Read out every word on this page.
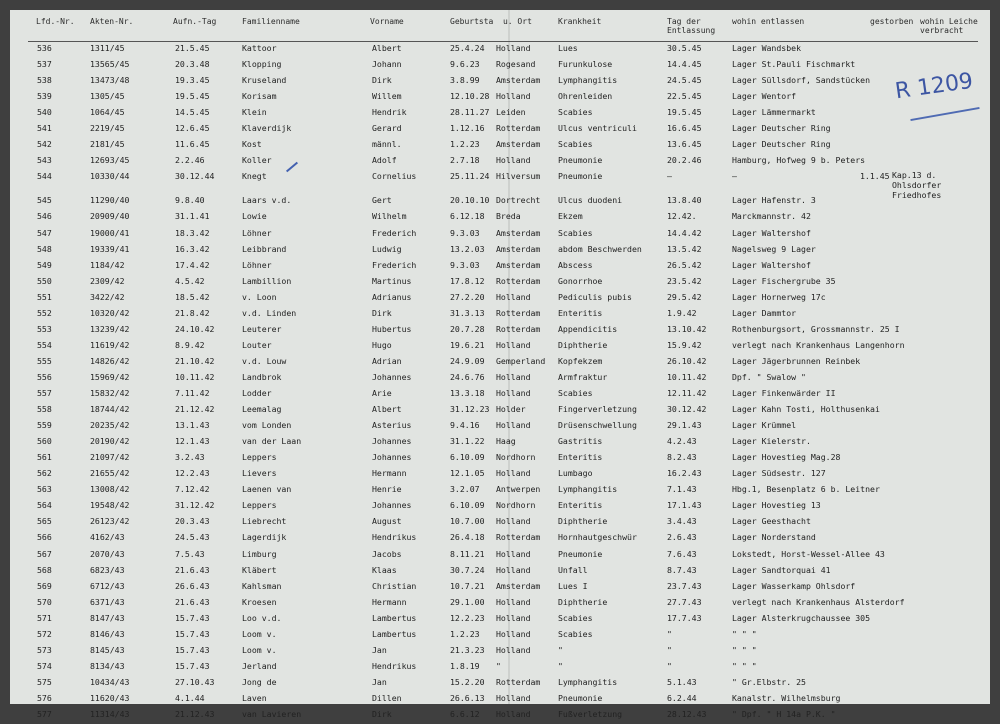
Lfd.-Nr. Akten-Nr.	Aufn.-Tag	Familienname	Vorname	Geburtsta  u. Ort	Krankheit	Tag der
Entlassung
wohin entlassen	gestorben wohin Leiche
verbracht
536	1311/45	21.5.45	Kattoor	Albert	25.4.24 Holland	Lues	30.5.45	Lager Wandsbek
537	13565/45	20.3.48	Klopping	Johann	9.6.23 Rogesand	Furunkulose	14.4.45	Lager St.Pauli Fischmarkt
538	13473/48	19.3.45	Kruseland	Dirk	3.8.99 Amsterdam Lymphangitis	24.5.45	Lager Süllsdorf, Sandstücken
539	1305/45	19.5.45	Korisam	Willem	12.10.28 Holland	Ohrenleiden	22.5.45	Lager Wentorf
540	1064/45	14.5.45	Klein	Hendrik	28.11.27 Leiden	Scabies	19.5.45	Lager Lämmermarkt
541	2219/45	12.6.45	Klaverdijk	Gerard	1.12.16 Rotterdam Ulcus ventriculi	16.6.45	Lager Deutscher Ring
542	2181/45	11.6.45	Kost	männl.	1.2.23 Amsterdam Scabies	13.6.45	Lager Deutscher Ring
543	12693/45	2.2.46	Koller	Adolf	2.7.18 Holland	Pneumonie	20.2.46	Hamburg, Hofweg 9 b. Peters
544	10330/44	30.12.44	Knegt	Cornelius	25.11.24 Hilversum Pneumonie	—	—	1.1.45 Kap.13 d. Ohlsdorfer Friedhofes
545	11290/40	9.8.40	Laars v.d.	Gert	20.10.10 Dortrecht Ulcus duodeni	13.8.40	Lager Hafenstr. 3
546	20909/40	31.1.41	Lowie	Wilhelm	6.12.18 Breda	Ekzem	12.42.	Marckmannstr. 42
547	19000/41	18.3.42	Löhner	Frederich	9.3.03 Amsterdam Scabies	14.4.42	Lager Waltershof
548	19339/41	16.3.42	Leibbrand	Ludwig	13.2.03 Amsterdam abdom Beschwerden	13.5.42	Nagelsweg 9 Lager
549	1184/42	17.4.42	Löhner	Frederich	9.3.03 Amsterdam Abscess	26.5.42	Lager Waltershof
550	2309/42	4.5.42	Lambillion	Martinus	17.8.12 Rotterdam Gonorrhoe	23.5.42	Lager Fischergrube 35
551	3422/42	18.5.42	v. Loon	Adrianus	27.2.20 Holland	Pediculis pubis	29.5.42	Lager Hornerweg 17c
552	10320/42	21.8.42	v.d. Linden	Dirk	31.3.13 Rotterdam Enteritis	1.9.42	Lager Dammtor
553	13239/42	24.10.42	Leuterer	Hubertus	20.7.28 Rotterdam Appendicitis	13.10.42	Rothenburgsort, Grossmannstr. 25 I
554	11619/42	8.9.42	Louter	Hugo	19.6.21 Holland	Diphtherie	15.9.42	verlegt nach Krankenhaus Langenhorn
555	14826/42	21.10.42	v.d. Louw	Adrian	24.9.09 Gemperland Kopfekzem	26.10.42	Lager Jägerbrunnen Reinbek
556	15969/42	10.11.42	Landbrok	Johannes	24.6.76 Holland	Armfraktur	10.11.42	Dpf. " Swalow "
557	15832/42	7.11.42	Lodder	Arie	13.3.18 Holland	Scabies	12.11.42	Lager Finkenwärder II
558	18744/42	21.12.42	Leemalag	Albert	31.12.23 Holder	Fingerverletzung	30.12.42	Lager Kahn Tosti, Holthusenkai
559	20235/42	13.1.43	vom Londen	Asterius	9.4.16 Holland	Drüsenschwellung	29.1.43	Lager Krümmel
560	20190/42	12.1.43	van der Laan	Johannes	31.1.22 Haag	Gastritis	4.2.43	Lager Kielerstr.
561	21097/42	3.2.43	Leppers	Johannes	6.10.09 Nordhorn	Enteritis	8.2.43	Lager Hovestieg Mag.28
562	21655/42	12.2.43	Lievers	Hermann	12.1.05 Holland	Lumbago	16.2.43	Lager Südsestr. 127
563	13008/42	7.12.42	Laenen van	Henrie	3.2.07 Antwerpen Lymphangitis	7.1.43	Hbg.1, Besenplatz 6 b. Leitner
564	19548/42	31.12.42	Leppers	Johannes	6.10.09 Nordhorn	Enteritis	17.1.43	Lager Hovestieg 13
565	26123/42	20.3.43	Liebrecht	August	10.7.00 Holland	Diphtherie	3.4.43	Lager Geesthacht
566	4162/43	24.5.43	Lagerdijk	Hendrikus	26.4.18 Rotterdam Hornhautgeschwür	2.6.43	Lager Norderstand
567	2070/43	7.5.43	Limburg	Jacobs	8.11.21 Holland	Pneumonie	7.6.43	Lokstedt, Horst-Wessel-Allee 43
568	6823/43	21.6.43	Kläbert	Klaas	30.7.24 Holland	Unfall	8.7.43	Lager Sandtorquai 41
569	6712/43	26.6.43	Kahlsman	Christian	10.7.21 Amsterdam Lues I	23.7.43	Lager Wasserkamp Ohlsdorf
570	6371/43	21.6.43	Kroesen	Hermann	29.1.00 Holland	Diphtherie	27.7.43	verlegt nach Krankenhaus Alsterdorf
571	8147/43	15.7.43	Loo v.d.	Lambertus	12.2.23 Holland	Scabies	17.7.43	Lager Alsterkrugchaussee 305
572	8146/43	15.7.43	Loom v.	Lambertus	1.2.23 Holland	Scabies	"	" " "
573	8145/43	15.7.43	Loom v.	Jan	21.3.23 Holland	"	"	" " "
574	8134/43	15.7.43	Jerland	Hendrikus	1.8.19 "	"	"	" " "
575	10434/43	27.10.43	Jong de	Jan	15.2.20 Rotterdam Lymphangitis	5.1.43	" Gr.Elbstr. 25
576	11620/43	4.1.44	Laven	Dillen	26.6.13 Holland	Pneumonie	6.2.44	Kanalstr. Wilhelmsburg
577	11314/43	21.12.43	van Lavieren	Dirk	6.6.12 Holland	Fußverletzung	28.12.43	" Dpf. " H 14a P.K. "
R 1209
